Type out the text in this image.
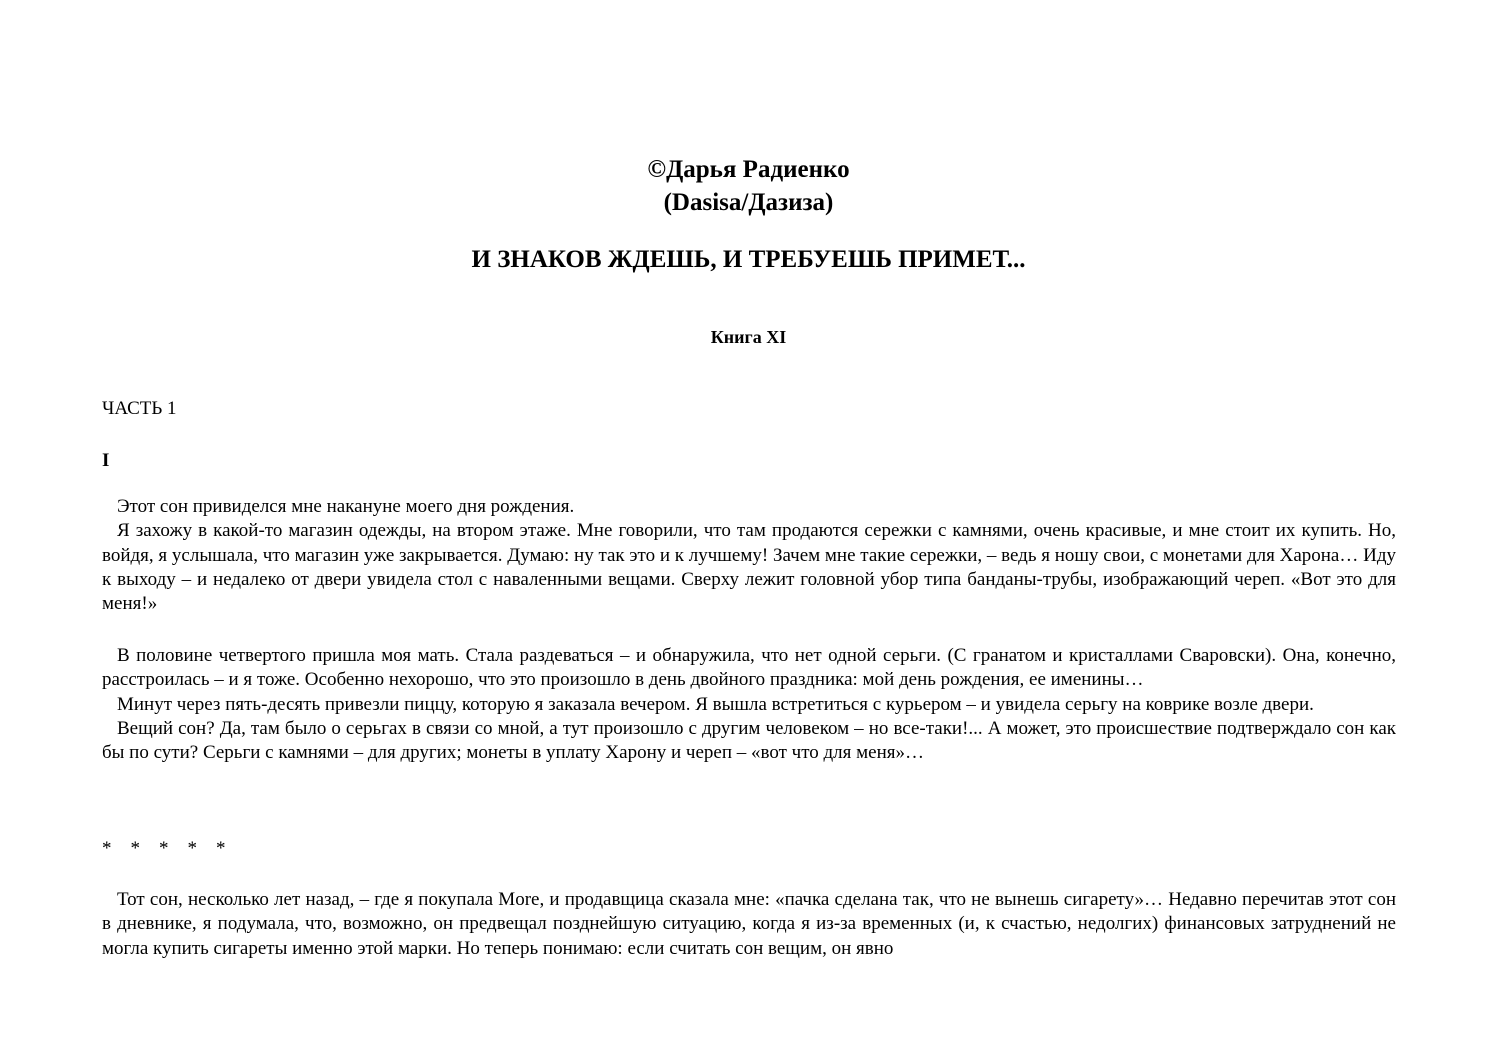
©Дарья Радиенко
(Dasisa/Дазиза)
И ЗНАКОВ ЖДЕШЬ, И ТРЕБУЕШЬ ПРИМЕТ...
Книга XI
ЧАСТЬ 1
I

Этот сон привиделся мне накануне моего дня рождения.

Я захожу в какой-то магазин одежды, на втором этаже. Мне говорили, что там продаются сережки с камнями, очень красивые, и мне стоит их купить. Но, войдя, я услышала, что магазин уже закрывается. Думаю: ну так это и к лучшему! Зачем мне такие сережки, – ведь я ношу свои, с монетами для Харона… Иду к выходу – и недалеко от двери увидела стол с наваленными вещами. Сверху лежит головной убор типа банданы-трубы, изображающий череп. «Вот это для меня!»

В половине четвертого пришла моя мать. Стала раздеваться – и обнаружила, что нет одной серьги. (С гранатом и кристаллами Сваровски). Она, конечно, расстроилась – и я тоже. Особенно нехорошо, что это произошло в день двойного праздника: мой день рождения, ее именины…

Минут через пять-десять привезли пиццу, которую я заказала вечером. Я вышла встретиться с курьером – и увидела серьгу на коврике возле двери.

Вещий сон? Да, там было о серьгах в связи со мной, а тут произошло с другим человеком – но все-таки!... А может, это происшествие подтверждало сон как бы по сути? Серьги с камнями – для других; монеты в уплату Харону и череп – «вот что для меня»…

*    *    *    *    *

Тот сон, несколько лет назад, – где я покупала More, и продавщица сказала мне: «пачка сделана так, что не вынешь сигарету»… Недавно перечитав этот сон в дневнике, я подумала, что, возможно, он предвещал позднейшую ситуацию, когда я из-за временных (и, к счастью, недолгих) финансовых затруднений не могла купить сигареты именно этой марки. Но теперь понимаю: если считать сон вещим, он явно
